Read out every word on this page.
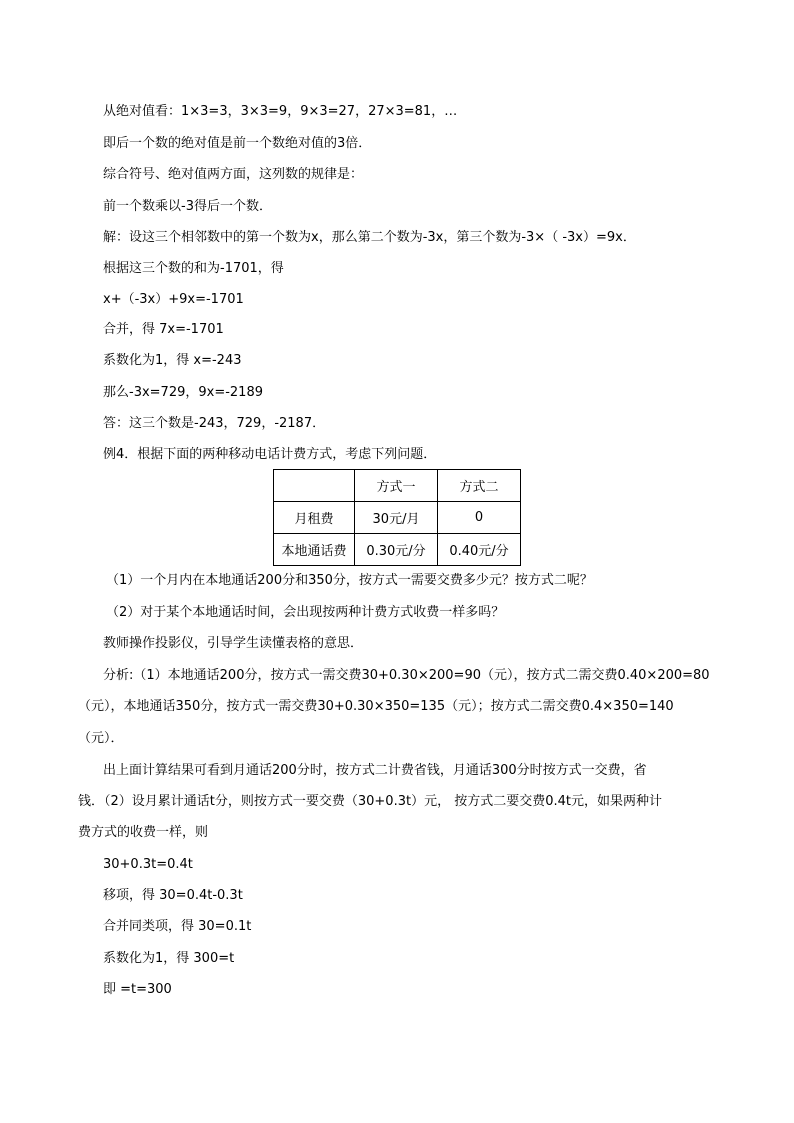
从绝对值看：1×3=3，3×3=9，9×3=27，27×3=81，…
即后一个数的绝对值是前一个数绝对值的3倍．
综合符号、绝对值两方面，这列数的规律是：
前一个数乘以-3得后一个数．
解：设这三个相邻数中的第一个数为x，那么第二个数为-3x，第三个数为-3×（ -3x）=9x．
根据这三个数的和为-1701，得
x+（-3x）+9x=-1701
合并，得 7x=-1701
系数化为1，得 x=-243
那么-3x=729，9x=-2189
答：这三个数是-243，729，-2187．
例4．根据下面的两种移动电话计费方式，考虑下列问题．
	方式一	方式二
月租费	30元/月	0
本地通话费	0.30元/分	0.40元/分
（1）一个月内在本地通话200分和350分，按方式一需要交费多少元？按方式二呢？
（2）对于某个本地通话时间，会出现按两种计费方式收费一样多吗？
教师操作投影仪，引导学生读懂表格的意思．
分析:（1）本地通话200分，按方式一需交费30+0.30×200=90（元），按方式二需交费0.40×200=80
（元），本地通话350分，按方式一需交费30+0.30×350=135（元）；按方式二需交费0.4×350=140
（元）．
出上面计算结果可看到月通话200分时，按方式二计费省钱，月通话300分时按方式一交费，省
钱．（2）设月累计通话t分，则按方式一要交费（30+0.3t）元， 按方式二要交费0.4t元，如果两种计
费方式的收费一样，则
30+0.3t=0.4t
移项，得 30=0.4t-0.3t
合并同类项，得 30=0.1t
系数化为1，得 300=t
即 =t=300
